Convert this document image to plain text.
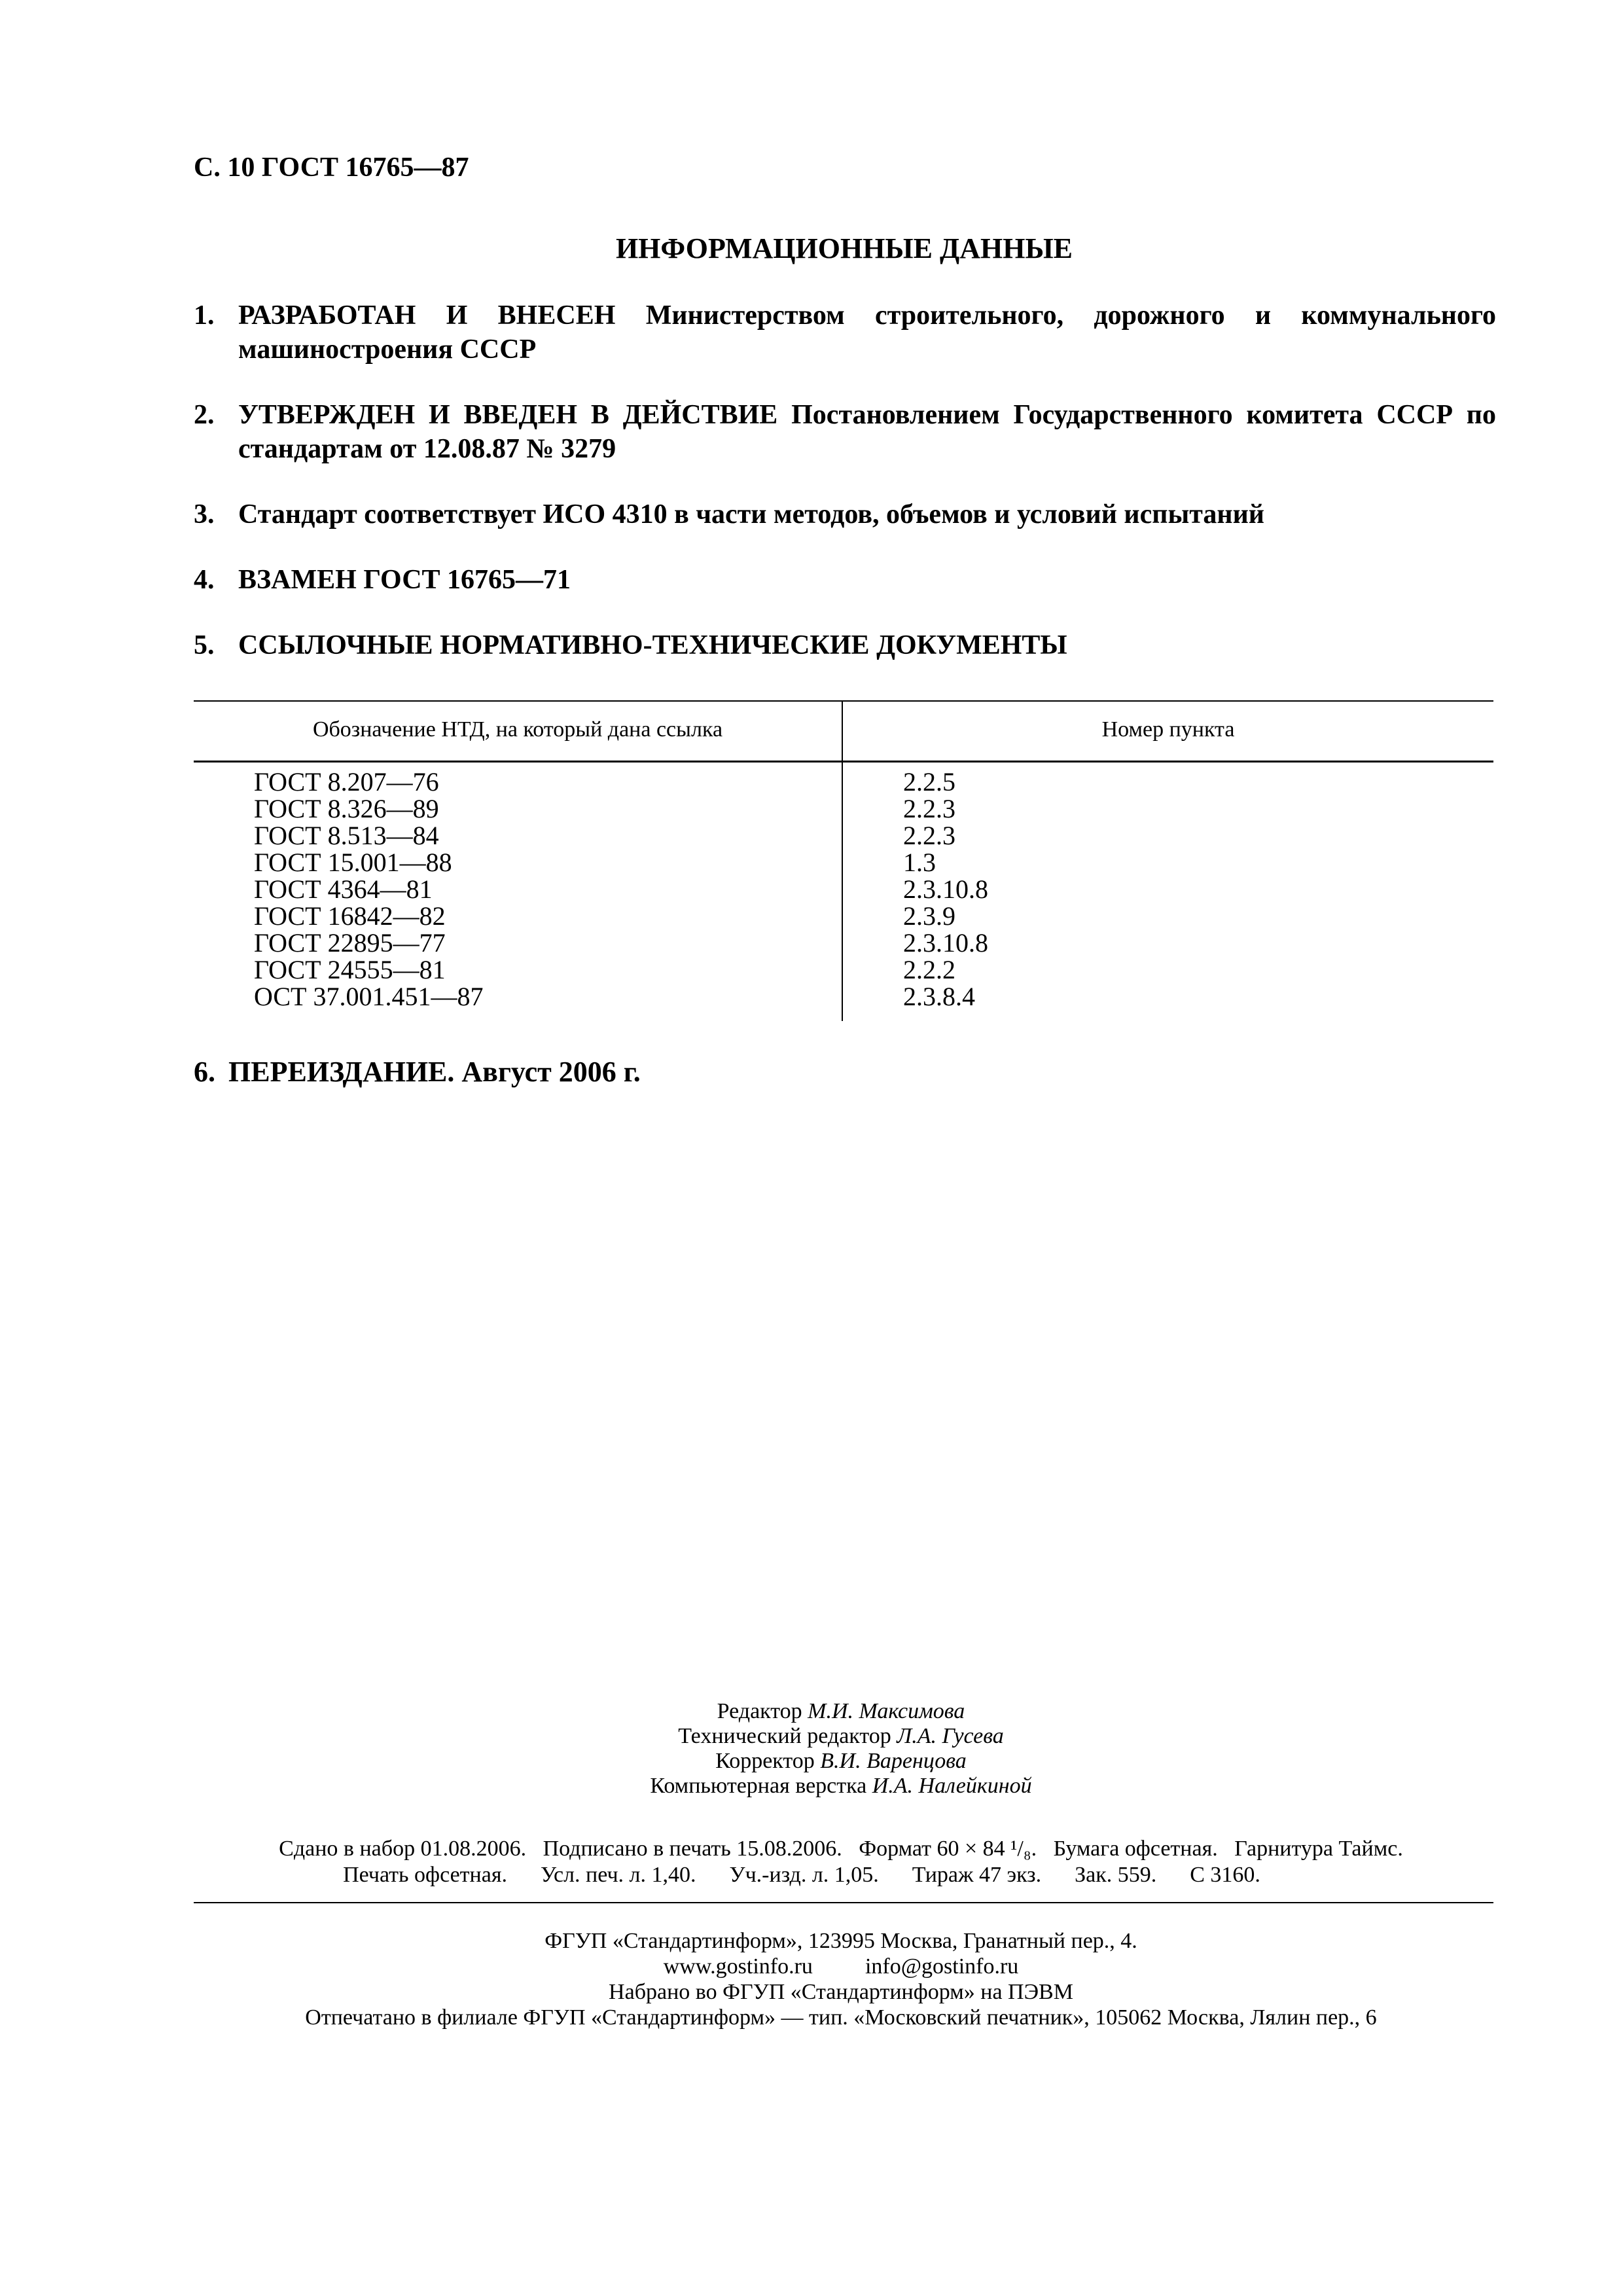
С. 10 ГОСТ 16765—87
ИНФОРМАЦИОННЫЕ ДАННЫЕ
1. РАЗРАБОТАН И ВНЕСЕН Министерством строительного, дорожного и коммунального машиностроения СССР
2. УТВЕРЖДЕН И ВВЕДЕН В ДЕЙСТВИЕ Постановлением Государственного комитета СССР по стандартам от 12.08.87 № 3279
3. Стандарт соответствует ИСО 4310 в части методов, объемов и условий испытаний
4. ВЗАМЕН ГОСТ 16765—71
5. ССЫЛОЧНЫЕ НОРМАТИВНО-ТЕХНИЧЕСКИЕ ДОКУМЕНТЫ
Обозначение НТД, на который дана ссылка	Номер пункта
ГОСТ 8.207—76
ГОСТ 8.326—89
ГОСТ 8.513—84
ГОСТ 15.001—88
ГОСТ 4364—81
ГОСТ 16842—82
ГОСТ 22895—77
ГОСТ 24555—81
ОСТ 37.001.451—87
2.2.5
2.2.3
2.2.3
1.3
2.3.10.8
2.3.9
2.3.10.8
2.2.2
2.3.8.4
6. ПЕРЕИЗДАНИЕ. Август 2006 г.
Редактор М.И. Максимова
Технический редактор Л.А. Гусева
Корректор В.И. Варенцова
Компьютерная верстка И.А. Налейкиной
Сдано в набор 01.08.2006.   Подписано в печать 15.08.2006.   Формат 60 × 84 ¹/₈.   Бумага офсетная.   Гарнитура Таймс.
Печать офсетная.      Усл. печ. л. 1,40.      Уч.-изд. л. 1,05.      Тираж 47 экз.      Зак. 559.      С 3160.
ФГУП «Стандартинформ», 123995 Москва, Гранатный пер., 4.
www.gostinfo.ru info@gostinfo.ru
Набрано во ФГУП «Стандартинформ» на ПЭВМ
Отпечатано в филиале ФГУП «Стандартинформ» — тип. «Московский печатник», 105062 Москва, Лялин пер., 6
